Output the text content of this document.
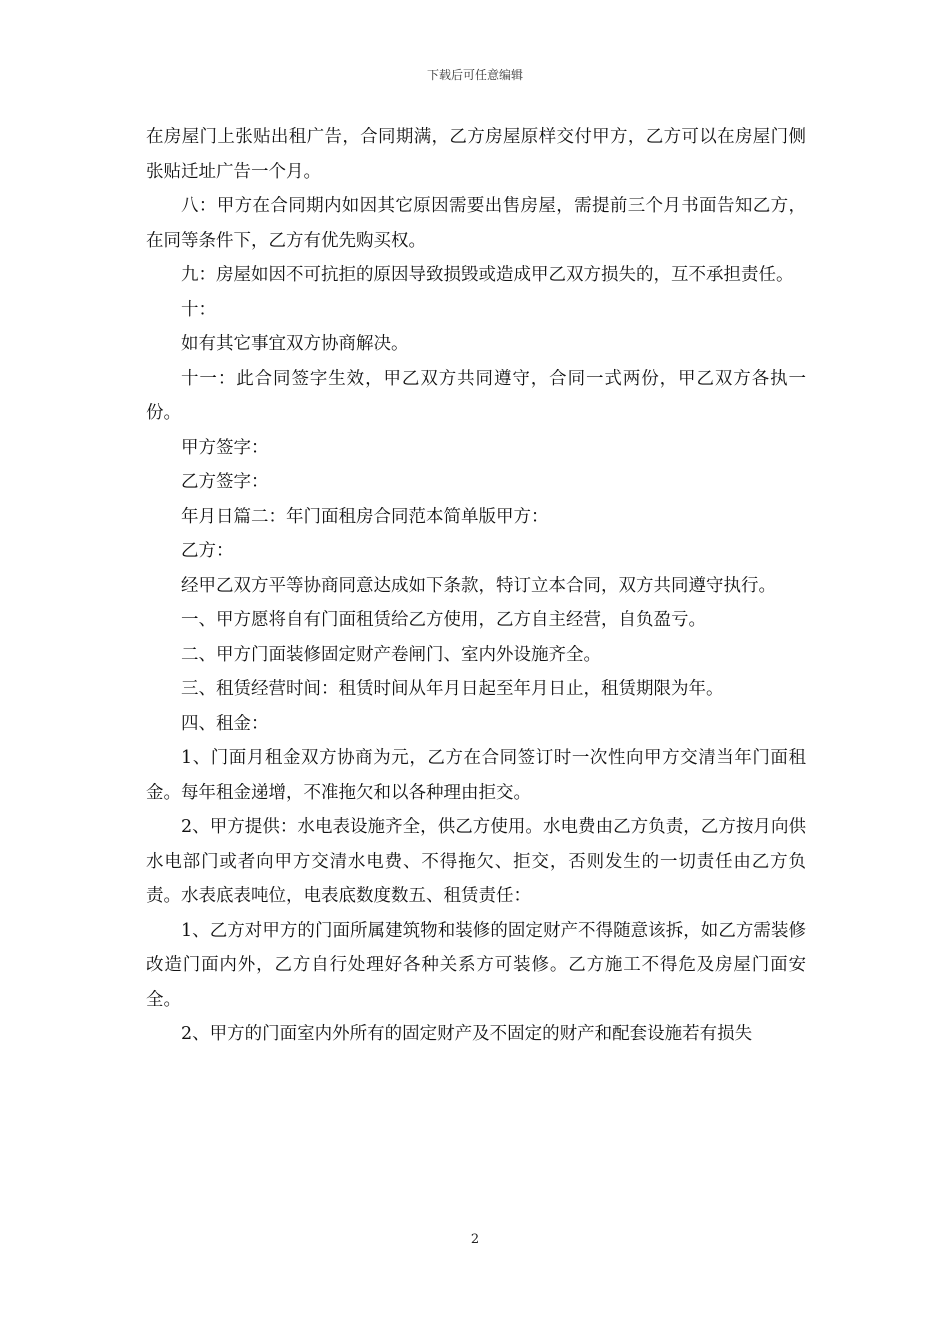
下载后可任意编辑

在房屋门上张贴出租广告，合同期满，乙方房屋原样交付甲方，乙方可以在房屋门侧张贴迁址广告一个月。

八：甲方在合同期内如因其它原因需要出售房屋，需提前三个月书面告知乙方，在同等条件下，乙方有优先购买权。

九：房屋如因不可抗拒的原因导致损毁或造成甲乙双方损失的，互不承担责任。

十：

如有其它事宜双方协商解决。

十一：此合同签字生效，甲乙双方共同遵守，合同一式两份，甲乙双方各执一份。

甲方签字：

乙方签字：

年月日篇二：年门面租房合同范本简单版甲方：

乙方：

经甲乙双方平等协商同意达成如下条款，特订立本合同，双方共同遵守执行。

一、甲方愿将自有门面租赁给乙方使用，乙方自主经营，自负盈亏。

二、甲方门面装修固定财产卷闸门、室内外设施齐全。

三、租赁经营时间：租赁时间从年月日起至年月日止，租赁期限为年。

四、租金：

1、门面月租金双方协商为元，乙方在合同签订时一次性向甲方交清当年门面租金。每年租金递增，不准拖欠和以各种理由拒交。

2、甲方提供：水电表设施齐全，供乙方使用。水电费由乙方负责，乙方按月向供水电部门或者向甲方交清水电费、不得拖欠、拒交，否则发生的一切责任由乙方负责。水表底表吨位，电表底数度数五、租赁责任：

1、乙方对甲方的门面所属建筑物和装修的固定财产不得随意该拆，如乙方需装修改造门面内外，乙方自行处理好各种关系方可装修。乙方施工不得危及房屋门面安全。

2、甲方的门面室内外所有的固定财产及不固定的财产和配套设施若有损失

2
